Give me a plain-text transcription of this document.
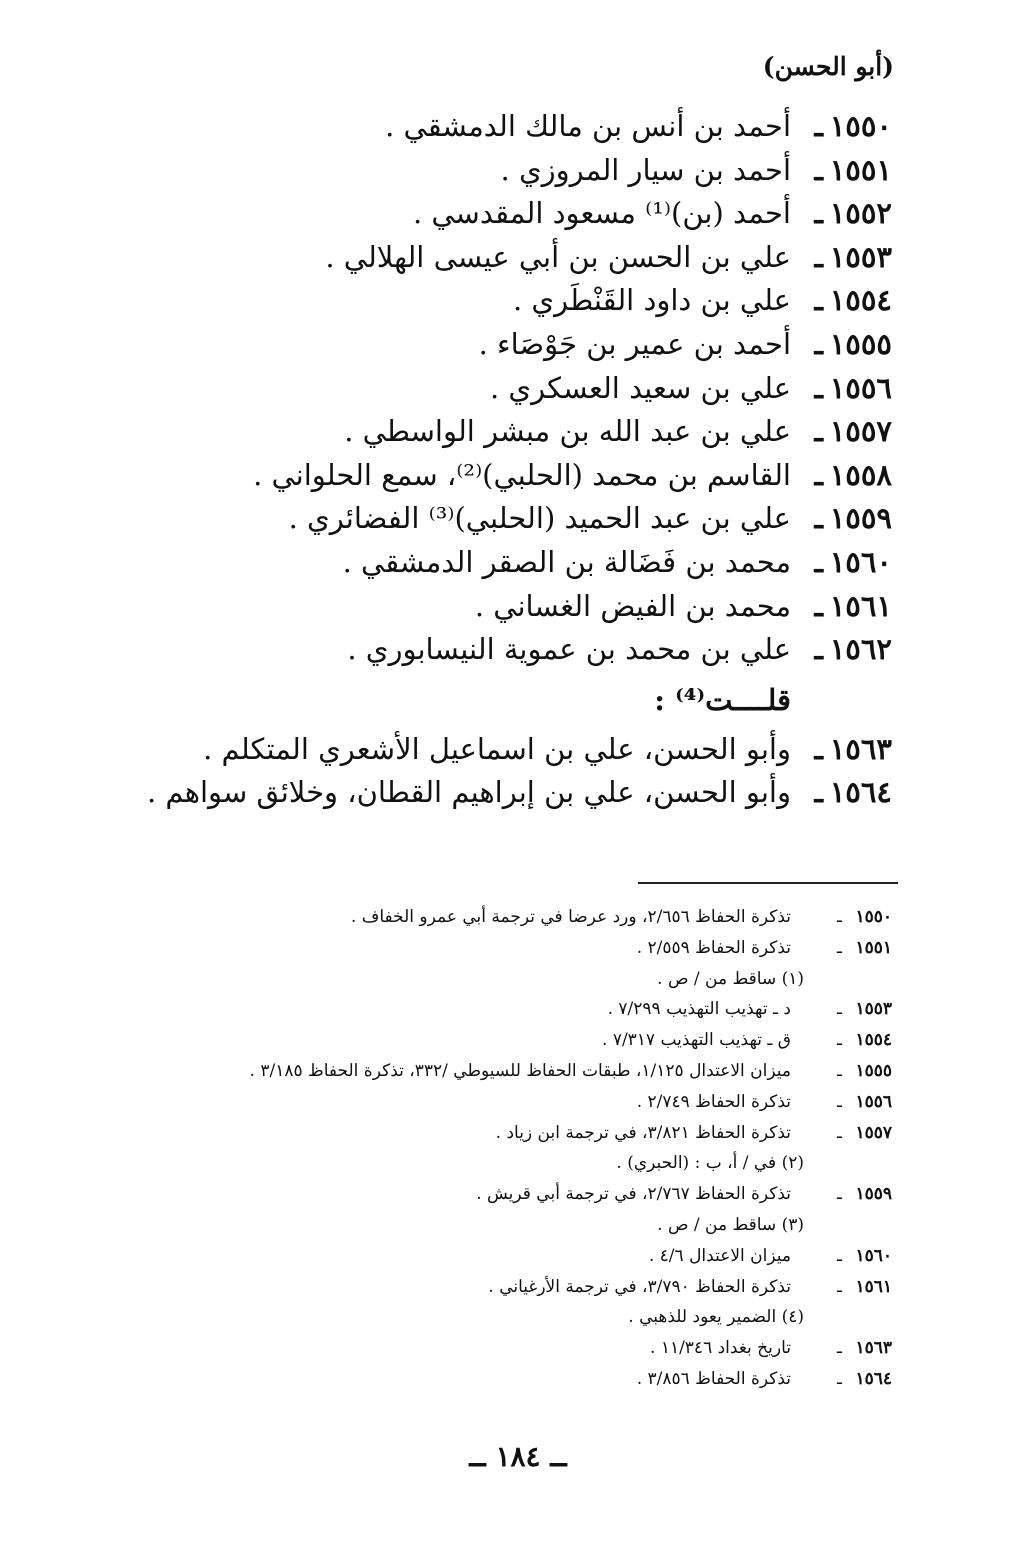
(أبو الحسن)
١٥٥٠
ـ
أحمد بن أنس بن مالك الدمشقي .
١٥٥١
ـ
أحمد بن سيار المروزي .
١٥٥٢
ـ
أحمد (بن)⁽¹⁾ مسعود المقدسي .
١٥٥٣
ـ
علي بن الحسن بن أبي عيسى الهلالي .
١٥٥٤
ـ
علي بن داود القَنْطَري .
١٥٥٥
ـ
أحمد بن عمير بن جَوْصَاء .
١٥٥٦
ـ
علي بن سعيد العسكري .
١٥٥٧
ـ
علي بن عبد الله بن مبشر الواسطي .
١٥٥٨
ـ
القاسم بن محمد (الحلبي)⁽²⁾، سمع الحلواني .
١٥٥٩
ـ
علي بن عبد الحميد (الحلبي)⁽³⁾ الفضائري .
١٥٦٠
ـ
محمد بن فَضَالة بن الصقر الدمشقي .
١٥٦١
ـ
محمد بن الفيض الغساني .
١٥٦٢
ـ
علي بن محمد بن عموية النيسابوري .
قلــــت⁽⁴⁾ :
١٥٦٣
ـ
وأبو الحسن، علي بن اسماعيل الأشعري المتكلم .
١٥٦٤
ـ
وأبو الحسن، علي بن إبراهيم القطان، وخلائق سواهم .
١٥٥٠
ـ
تذكرة الحفاظ ٢/٦٥٦، ورد عرضا في ترجمة أبي عمرو الخفاف .
١٥٥١
ـ
تذكرة الحفاظ ٢/٥٥٩ .
(١) ساقط من / ص .
١٥٥٣
ـ
د ـ تهذيب التهذيب ٧/٢٩٩ .
١٥٥٤
ـ
ق ـ تهذيب التهذيب ٧/٣١٧ .
١٥٥٥
ـ
ميزان الاعتدال ١/١٢٥، طبقات الحفاظ للسيوطي /٣٣٢، تذكرة الحفاظ ٣/١٨٥ .
١٥٥٦
ـ
تذكرة الحفاظ ٢/٧٤٩ .
١٥٥٧
ـ
تذكرة الحفاظ ٣/٨٢١، في ترجمة ابن زياد .
(٢) في / أ، ب : (الحبري) .
١٥٥٩
ـ
تذكرة الحفاظ ٢/٧٦٧، في ترجمة أبي قريش .
(٣) ساقط من / ص .
١٥٦٠
ـ
ميزان الاعتدال ٤/٦ .
١٥٦١
ـ
تذكرة الحفاظ ٣/٧٩٠، في ترجمة الأرغياني .
(٤) الضمير يعود للذهبي .
١٥٦٣
ـ
تاريخ بغداد ١١/٣٤٦ .
١٥٦٤
ـ
تذكرة الحفاظ ٣/٨٥٦ .
ــ ١٨٤ ــ
